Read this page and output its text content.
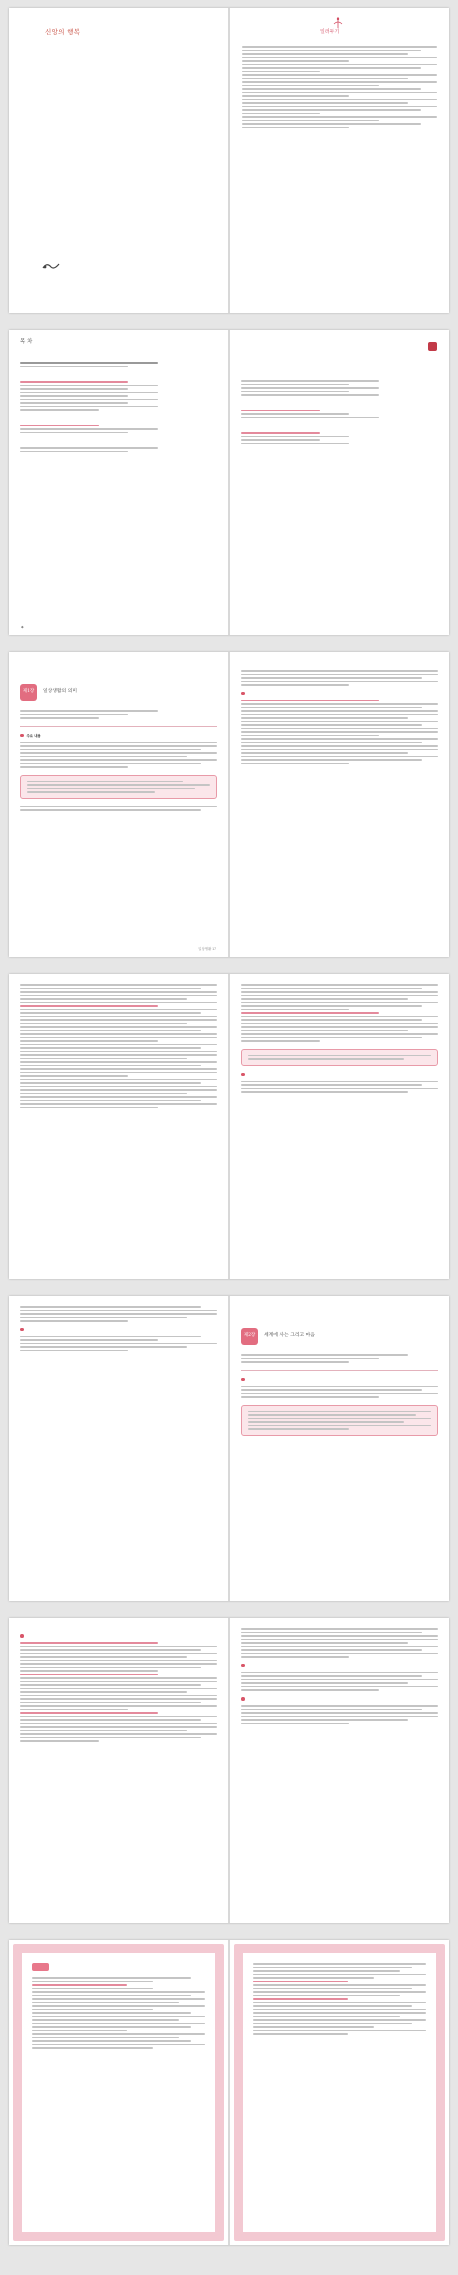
신앙의 행복	일러두기
목 차
◆
제1장	일상생활의 의미
주요 내용
일상생활 17

제2장	세계에 사는 그리고 마음
